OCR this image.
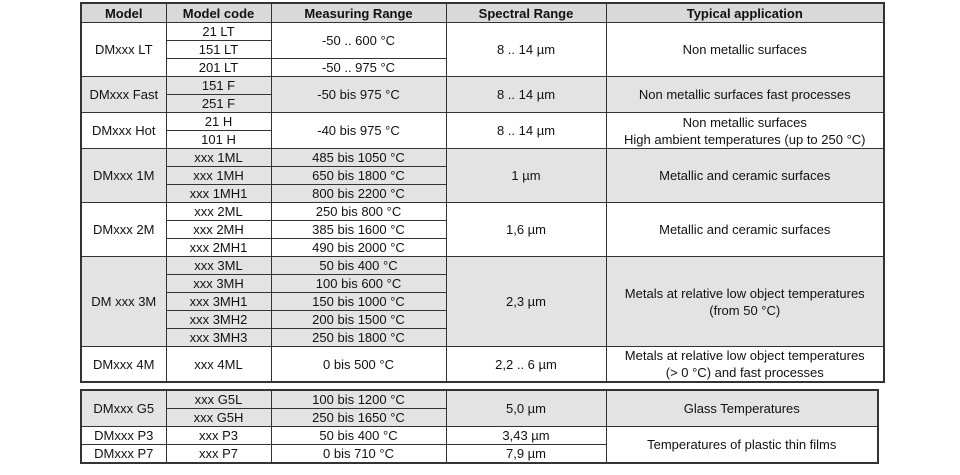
Model	Model code	Measuring Range	Spectral Range	Typical application
DMxxx LT	21 LT	-50 .. 600 °C	8 .. 14 µm	Non metallic surfaces
	151 LT			
	201 LT	-50 .. 975 °C		
DMxxx Fast	151 F	-50 bis 975 °C	8 .. 14 µm	Non metallic surfaces fast processes
	251 F			
DMxxx Hot	21 H	-40 bis 975 °C	8 .. 14 µm	Non metallic surfaces
High ambient temperatures (up to 250 °C)

	101 H			
DMxxx 1M	xxx 1ML	485 bis 1050 °C	1 µm	Metallic and ceramic surfaces
	xxx 1MH	650 bis 1800 °C		
	xxx 1MH1	800 bis 2200 °C		
DMxxx 2M	xxx 2ML	250 bis 800 °C	1,6 µm	Metallic and ceramic surfaces
	xxx 2MH	385 bis 1600 °C		
	xxx 2MH1	490 bis 2000 °C		
DM xxx 3M	xxx 3ML	50 bis 400 °C	2,3 µm	Metals at relative low object temperatures
(from 50 °C)

	xxx 3MH	100 bis 600 °C		
	xxx 3MH1	150 bis 1000 °C		
	xxx 3MH2	200 bis 1500 °C		
	xxx 3MH3	250 bis 1800 °C		
DMxxx 4M	xxx 4ML	0 bis 500 °C	2,2 .. 6 µm	Metals at relative low object temperatures
(> 0 °C) and fast processes
DMxxx G5	xxx G5L	100 bis 1200 °C	5,0 µm	Glass Temperatures
	xxx G5H	250 bis 1650 °C		
DMxxx P3	xxx P3	50 bis 400 °C	3,43 µm	Temperatures of plastic thin films
DMxxx P7	xxx P7	0 bis 710 °C	7,9 µm	
